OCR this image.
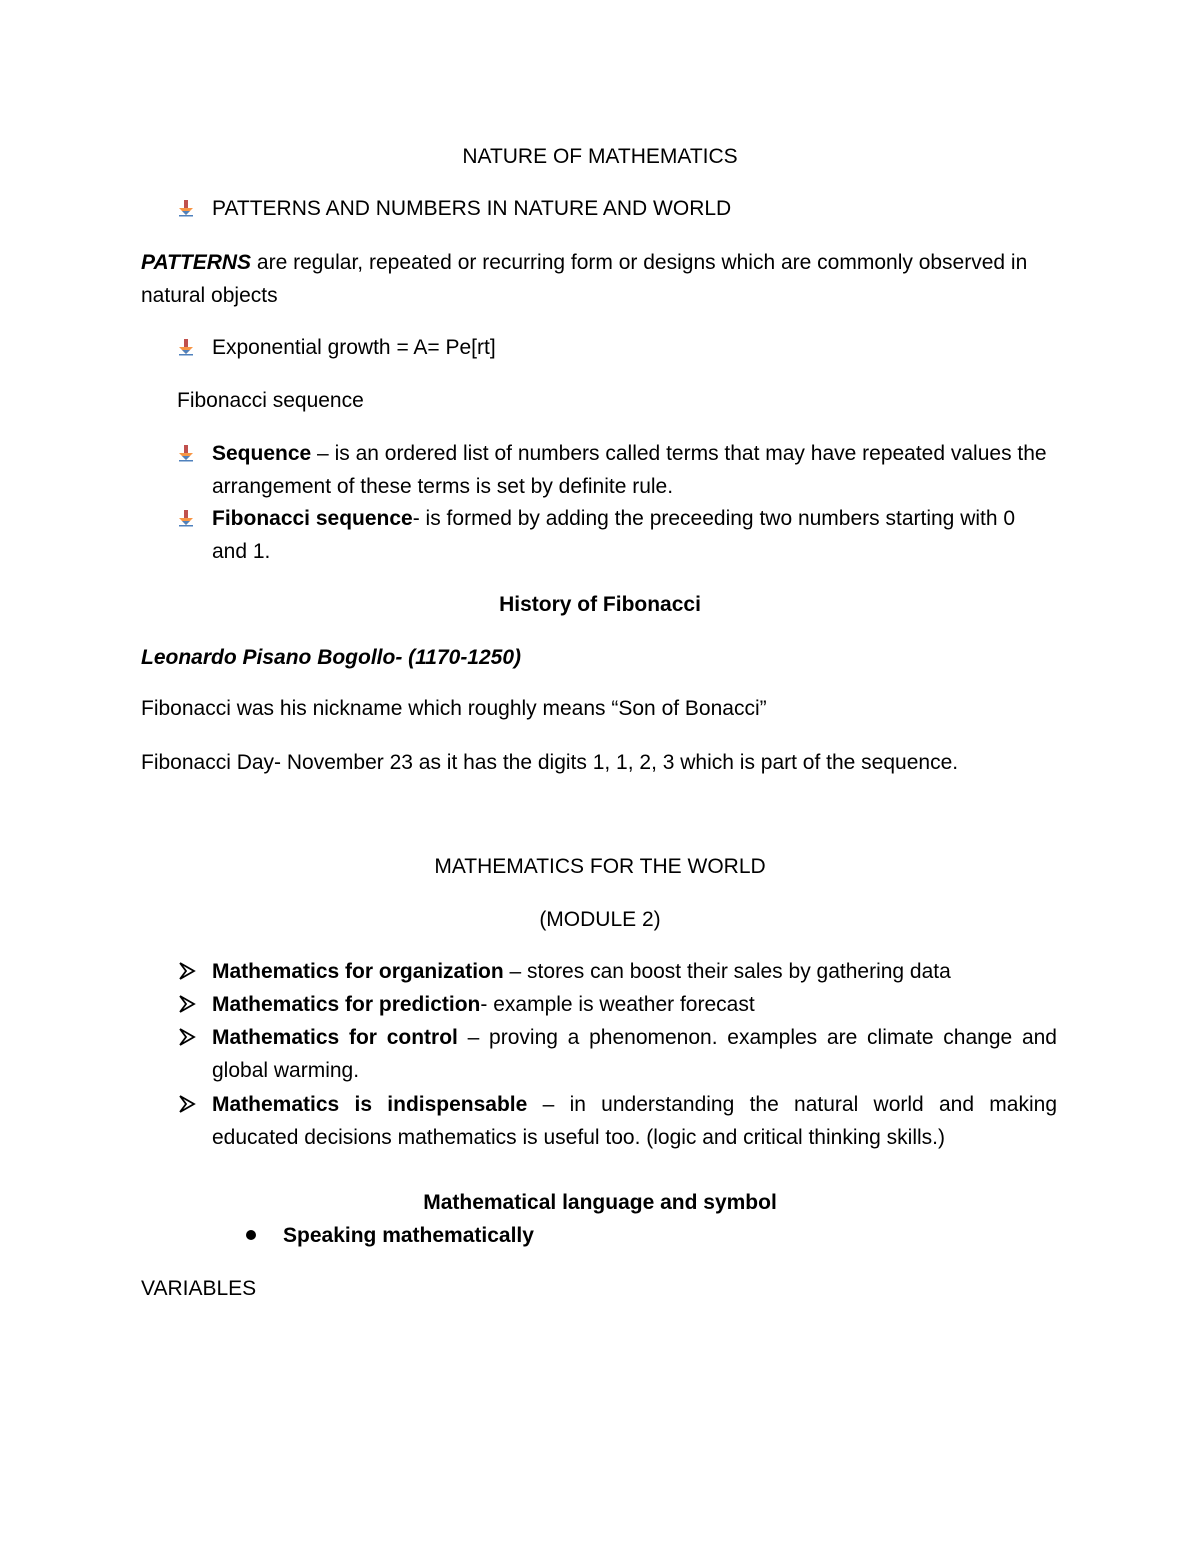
NATURE OF MATHEMATICS
PATTERNS AND NUMBERS IN NATURE AND WORLD
PATTERNS are regular, repeated or recurring form or designs which are commonly observed in
natural objects
Exponential growth = A= Pe[rt]
Fibonacci sequence
Sequence – is an ordered list of numbers called terms that may have repeated values the
arrangement of these terms is set by definite rule.
Fibonacci sequence- is formed by adding the preceeding two numbers starting with 0
and 1.
History of Fibonacci
Leonardo Pisano Bogollo- (1170-1250)
Fibonacci was his nickname which roughly means “Son of Bonacci”
Fibonacci Day- November 23 as it has the digits 1, 1, 2, 3 which is part of the sequence.
MATHEMATICS FOR THE WORLD
(MODULE 2)
Mathematics for organization – stores can boost their sales by gathering data
Mathematics for prediction- example is weather forecast
Mathematics for control – proving a phenomenon. examples are climate change and
global warming.
Mathematics is indispensable – in understanding the natural world and making
educated decisions mathematics is useful too. (logic and critical thinking skills.)
Mathematical language and symbol
Speaking mathematically
VARIABLES
